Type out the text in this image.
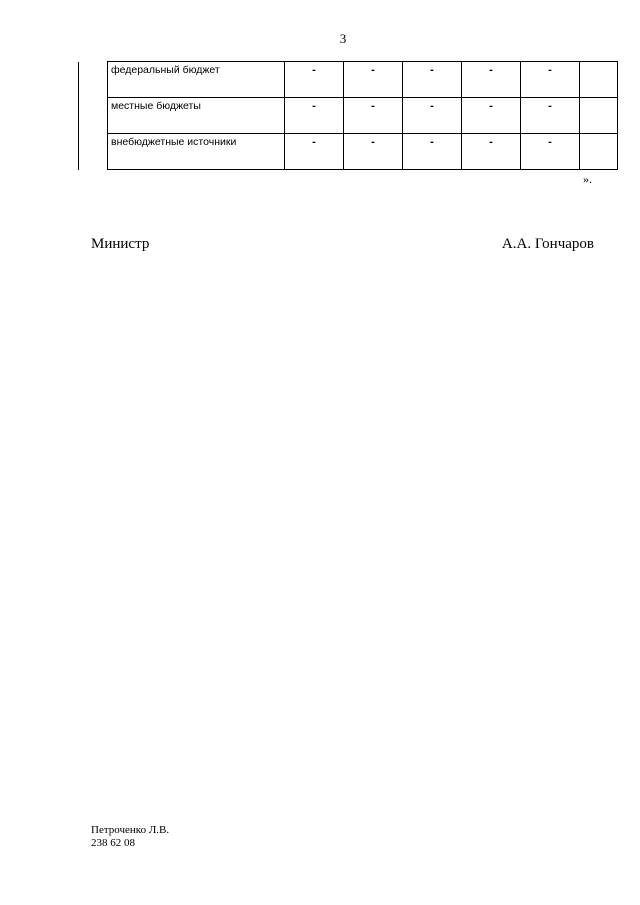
3
	федеральный бюджет	-	-	-	-	-	
	местные бюджеты	-	-	-	-	-	
	внебюджетные источники	-	-	-	-	-	
».
Министр	А.А. Гончаров
Петроченко Л.В.
238 62 08
